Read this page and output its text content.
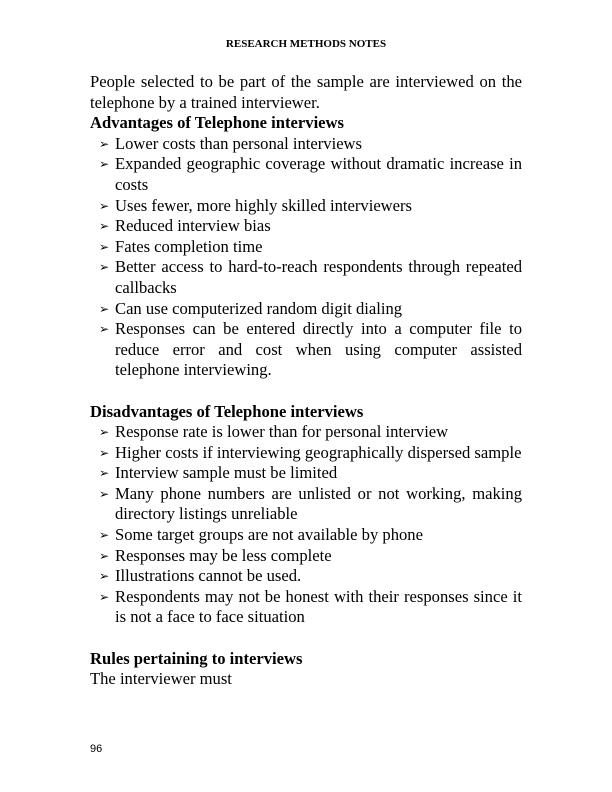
RESEARCH METHODS NOTES

People selected to be part of the sample are interviewed on the telephone by a trained interviewer.

Advantages of Telephone interviews

➢ Lower costs than personal interviews
➢ Expanded geographic coverage without dramatic increase in costs
➢ Uses fewer, more highly skilled interviewers
➢ Reduced interview bias
➢ Fates completion time
➢ Better access to hard-to-reach respondents through repeated callbacks
➢ Can use computerized random digit dialing
➢ Responses can be entered directly into a computer file to reduce error and cost when using computer assisted telephone interviewing.

Disadvantages of Telephone interviews

➢ Response rate is lower than for personal interview
➢ Higher costs if interviewing geographically dispersed sample
➢ Interview sample must be limited
➢ Many phone numbers are unlisted or not working, making directory listings unreliable
➢ Some target groups are not available by phone
➢ Responses may be less complete
➢ Illustrations cannot be used.
➢ Respondents may not be honest with their responses since it is not a face to face situation

Rules pertaining to interviews

The interviewer must

96
